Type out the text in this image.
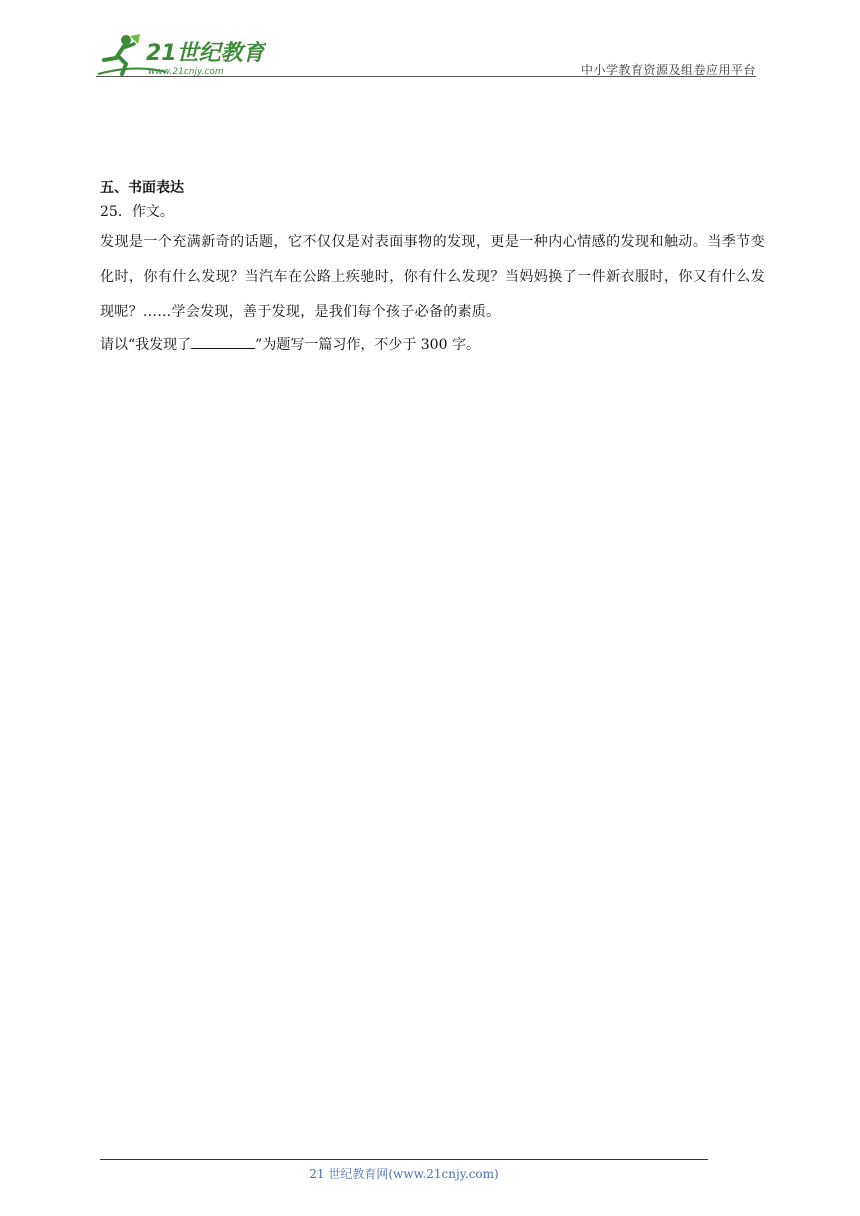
21世纪教育
www.21cnjy.com	中小学教育资源及组卷应用平台

五、书面表达

25．作文。

发现是一个充满新奇的话题，它不仅仅是对表面事物的发现，更是一种内心情感的发现和触动。当季节变化时，你有什么发现？当汽车在公路上疾驰时，你有什么发现？当妈妈换了一件新衣服时，你又有什么发现呢？……学会发现，善于发现，是我们每个孩子必备的素质。

请以“我发现了	”为题写一篇习作，不少于 300 字。

21 世纪教育网(www.21cnjy.com)
